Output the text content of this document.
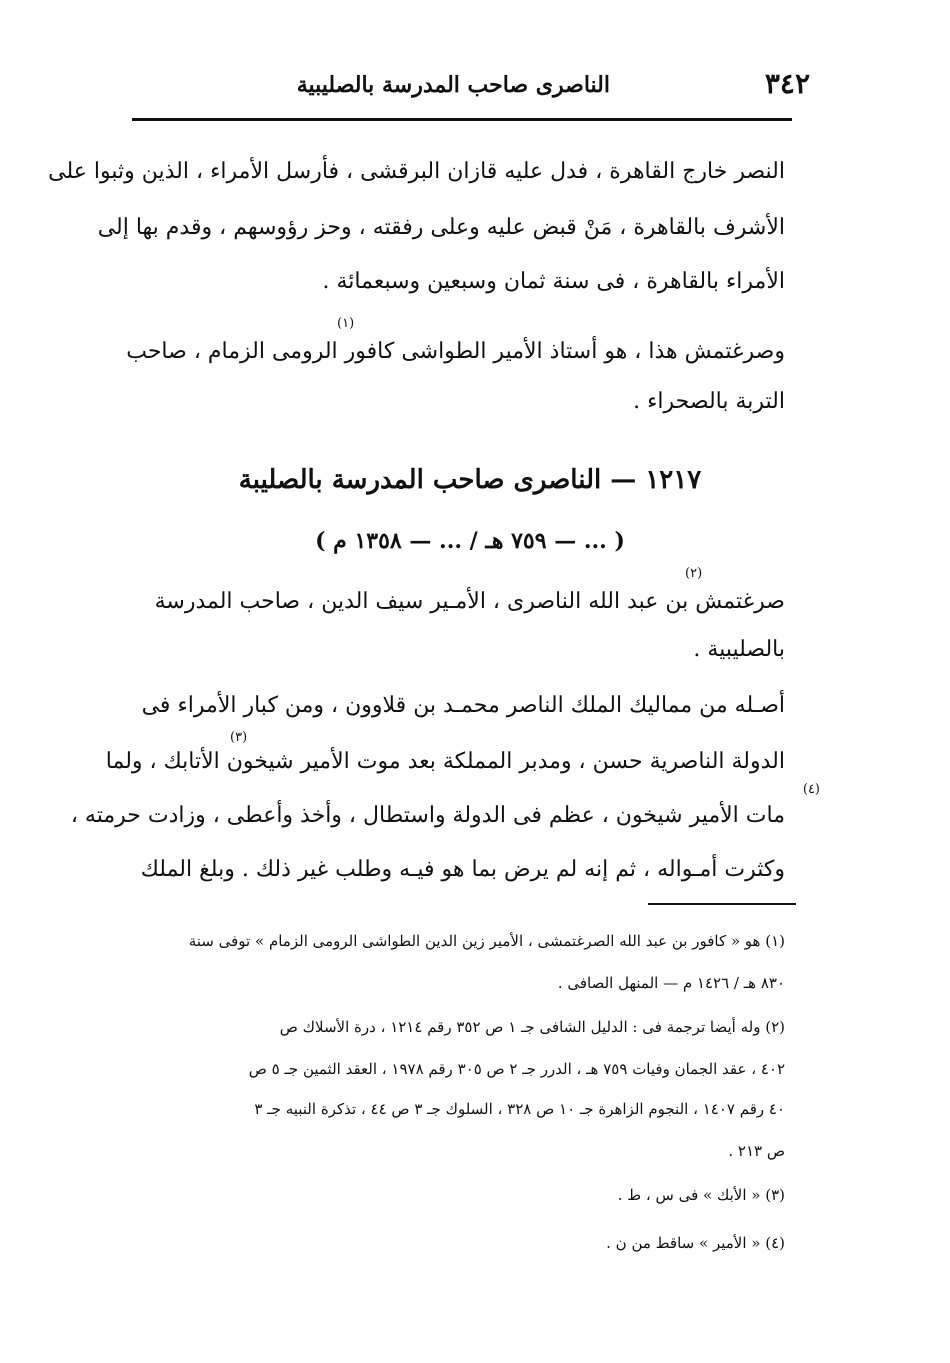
٣٤٢
الناصرى صاحب المدرسة بالصليبية
النصر خارج القاهرة ، فدل عليه قازان البرقشى ، فأرسل الأمراء ، الذين وثبوا على
الأشرف بالقاهرة ، مَنْ قبض عليه وعلى رفقته ، وحز رؤوسهم ، وقدم بها إلى
الأمراء بالقاهرة ، فى سنة ثمان وسبعين وسبعمائة .
وصرغتمش هذا ، هو أستاذ الأمير الطواشى كافور الرومى الزمام ، صاحب
(١)
التربة بالصحراء .
١٢١٧ — الناصرى صاحب المدرسة بالصليبة
( ... — ٧٥٩ هـ / ... — ١٣٥٨ م )
(٢)
صرغتمش بن عبد الله الناصرى ، الأمـير سيف الدين ، صاحب المدرسة
بالصليبية .
أصـله من مماليك الملك الناصر محمـد بن قلاوون ، ومن كبار الأمراء فى
(٣)
الدولة الناصرية حسن ، ومدبر المملكة بعد موت الأمير شيخون الأتابك ، ولما
(٤)
مات الأمير شيخون ، عظم فى الدولة واستطال ، وأخذ وأعطى ، وزادت حرمته ،
وكثرت أمـواله ، ثم إنه لم يرض بما هو فيـه وطلب غير ذلك . وبلغ الملك
(١) هو « كافور بن عبد الله الصرغتمشى ، الأمير زين الدين الطواشى الرومى الزمام » توفى سنة
٨٣٠ هـ / ١٤٢٦ م — المنهل الصافى .
(٢) وله أيضا ترجمة فى : الدليل الشافى جـ ١ ص ٣٥٢ رقم ١٢١٤ ، درة الأسلاك ص
٤٠٢ ، عقد الجمان وفيات ٧٥٩ هـ ، الدرر جـ ٢ ص ٣٠٥ رقم ١٩٧٨ ، العقد الثمين جـ ٥ ص
٤٠ رقم ١٤٠٧ ، النجوم الزاهرة جـ ١٠ ص ٣٢٨ ، السلوك جـ ٣ ص ٤٤ ، تذكرة النبيه جـ ٣
ص ٢١٣ .
(٣) « الأبك » فى س ، ط .
(٤) « الأمير » ساقط من ن .
